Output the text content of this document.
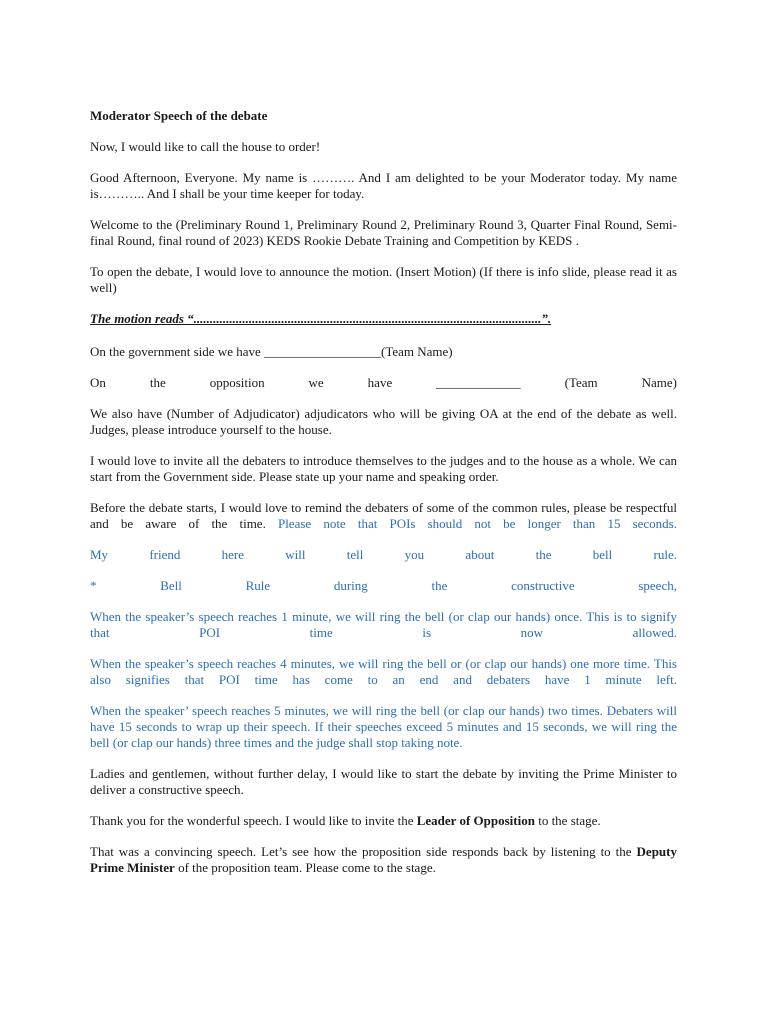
Moderator Speech of the debate

Now, I would like to call the house to order!

Good Afternoon, Everyone. My name is ………. And I am delighted to be your Moderator today. My name is……….. And I shall be your time keeper for today.

Welcome to the (Preliminary Round 1, Preliminary Round 2, Preliminary Round 3, Quarter Final Round, Semi-final Round, final round of 2023) KEDS Rookie Debate Training and Competition by KEDS .

To open the debate, I would love to announce the motion. (Insert Motion) (If there is info slide, please read it as well)

The motion reads “...........................................................................................................”.

On the government side we have __________________(Team Name)

On	the	opposition	we	have	_____________	(Team	Name)

We also have (Number of Adjudicator) adjudicators who will be giving OA at the end of the debate as well. Judges, please introduce yourself to the house.

I would love to invite all the debaters to introduce themselves to the judges and to the house as a whole. We can start from the Government side. Please state up your name and speaking order.

Before the debate starts, I would love to remind the debaters of some of the common rules, please be respectful and be aware of the time. Please note that POIs should not be longer than 15 seconds.

My	friend	here	will	tell	you	about	the	bell	rule.

*	Bell	Rule	during	the	constructive	speech,

When the speaker’s speech reaches 1 minute, we will ring the bell (or clap our hands) once. This is to signify that POI time is now allowed.

When the speaker’s speech reaches 4 minutes, we will ring the bell or (or clap our hands) one more time. This also signifies that POI time has come to an end and debaters have 1 minute left.

When the speaker’ speech reaches 5 minutes, we will ring the bell (or clap our hands) two times. Debaters will have 15 seconds to wrap up their speech. If their speeches exceed 5 minutes and 15 seconds, we will ring the bell (or clap our hands) three times and the judge shall stop taking note.

Ladies and gentlemen, without further delay, I would like to start the debate by inviting the Prime Minister to deliver a constructive speech.

Thank you for the wonderful speech. I would like to invite the Leader of Opposition to the stage.

That was a convincing speech. Let’s see how the proposition side responds back by listening to the Deputy Prime Minister of the proposition team. Please come to the stage.
